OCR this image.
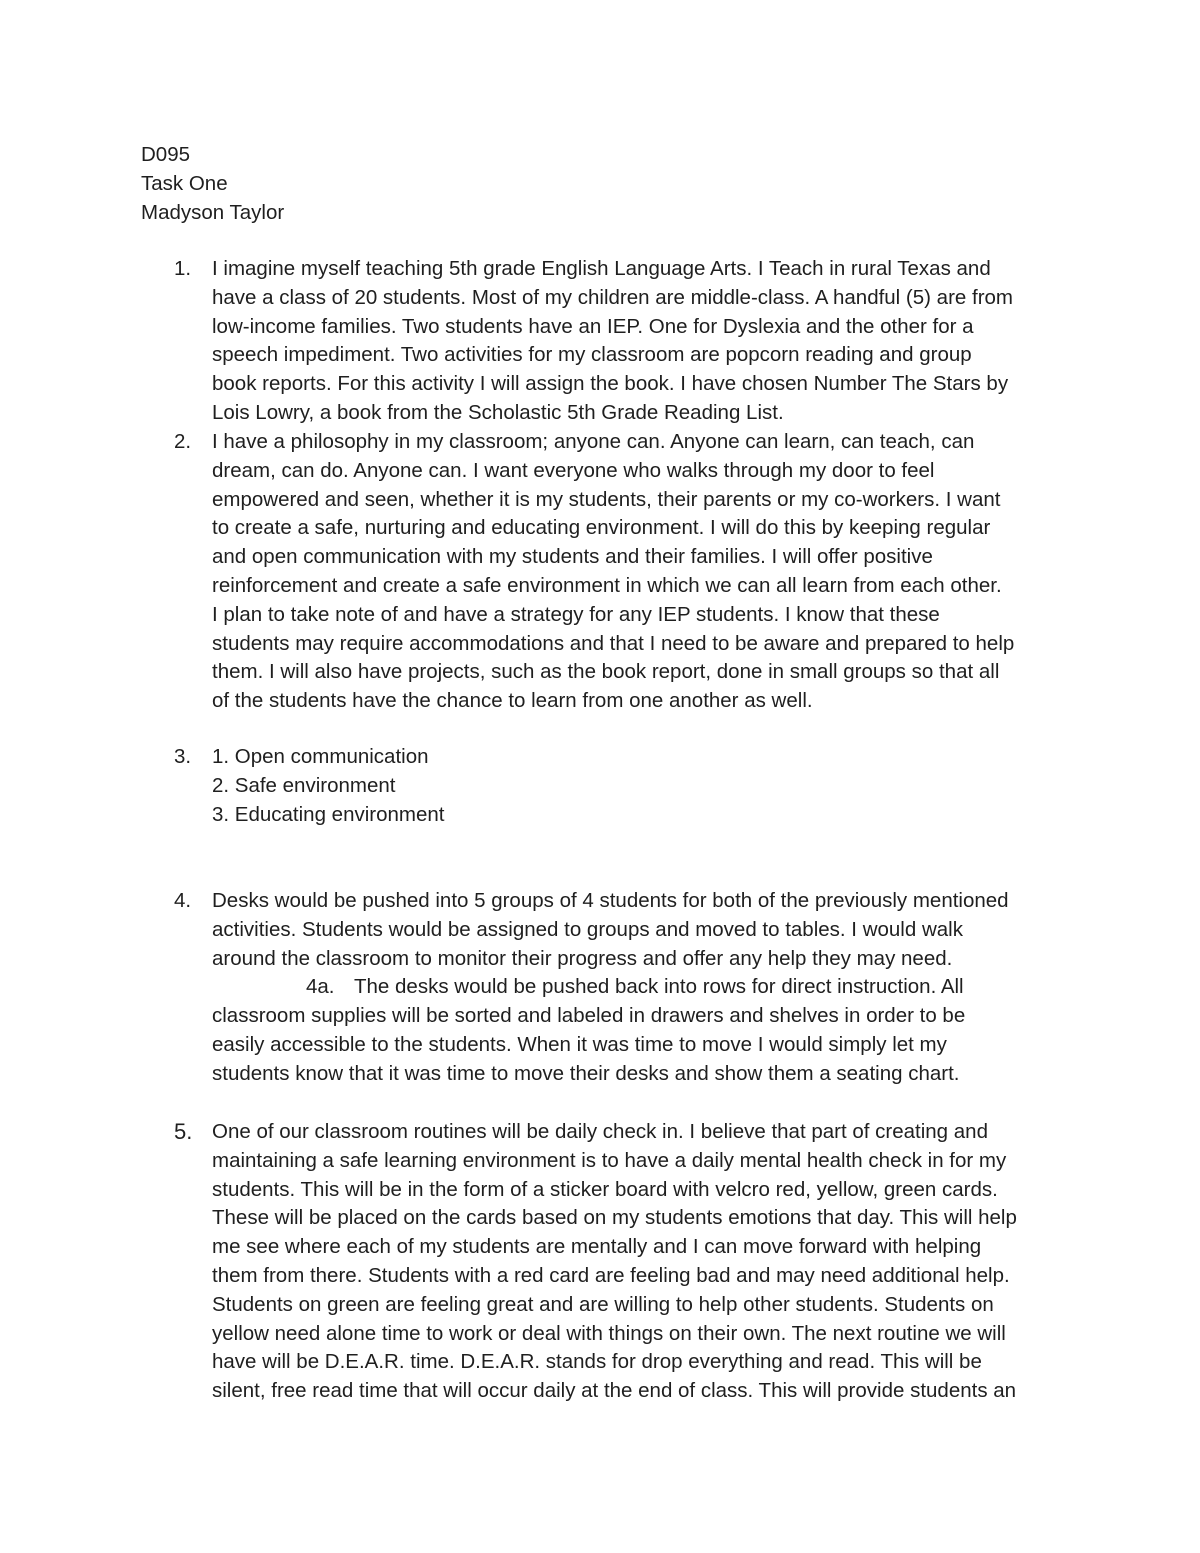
D095
Task One
Madyson Taylor
1. I imagine myself teaching 5th grade English Language Arts. I Teach in rural Texas and
have a class of 20 students. Most of my children are middle-class. A handful (5) are from
low-income families. Two students have an IEP. One for Dyslexia and the other for a
speech impediment. Two activities for my classroom are popcorn reading and group
book reports. For this activity I will assign the book. I have chosen Number The Stars by
Lois Lowry, a book from the Scholastic 5th Grade Reading List.
2. I have a philosophy in my classroom; anyone can. Anyone can learn, can teach, can
dream, can do. Anyone can. I want everyone who walks through my door to feel
empowered and seen, whether it is my students, their parents or my co-workers. I want
to create a safe, nurturing and educating environment. I will do this by keeping regular
and open communication with my students and their families. I will offer positive
reinforcement and create a safe environment in which we can all learn from each other.
I plan to take note of and have a strategy for any IEP students. I know that these
students may require accommodations and that I need to be aware and prepared to help
them. I will also have projects, such as the book report, done in small groups so that all
of the students have the chance to learn from one another as well.
3. 1. Open communication
2. Safe environment
3. Educating environment
4. Desks would be pushed into 5 groups of 4 students for both of the previously mentioned
activities. Students would be assigned to groups and moved to tables. I would walk
around the classroom to monitor their progress and offer any help they may need.
4a. The desks would be pushed back into rows for direct instruction. All
classroom supplies will be sorted and labeled in drawers and shelves in order to be
easily accessible to the students. When it was time to move I would simply let my
students know that it was time to move their desks and show them a seating chart.
5. One of our classroom routines will be daily check in. I believe that part of creating and
maintaining a safe learning environment is to have a daily mental health check in for my
students. This will be in the form of a sticker board with velcro red, yellow, green cards.
These will be placed on the cards based on my students emotions that day. This will help
me see where each of my students are mentally and I can move forward with helping
them from there. Students with a red card are feeling bad and may need additional help.
Students on green are feeling great and are willing to help other students. Students on
yellow need alone time to work or deal with things on their own. The next routine we will
have will be D.E.A.R. time. D.E.A.R. stands for drop everything and read. This will be
silent, free read time that will occur daily at the end of class. This will provide students an
